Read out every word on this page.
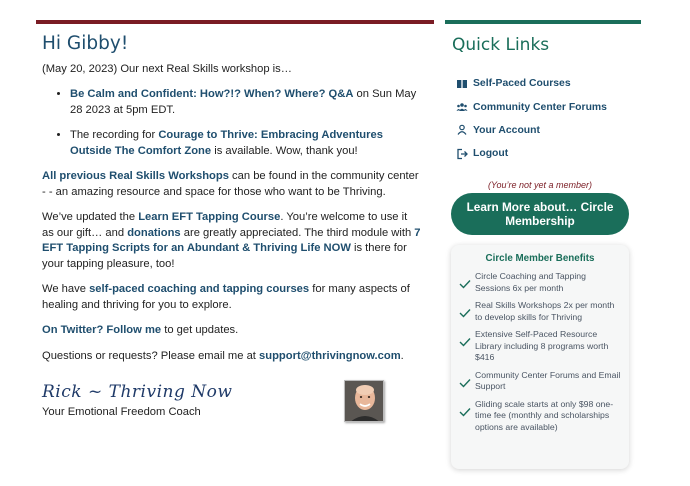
Hi Gibby!

(May 20, 2023) Our next Real Skills workshop is…

• Be Calm and Confident: How?!? When? Where? Q&A on Sun May 28 2023 at 5pm EDT.
• The recording for Courage to Thrive: Embracing Adventures Outside The Comfort Zone is available. Wow, thank you!

All previous Real Skills Workshops can be found in the community center - - an amazing resource and space for those who want to be Thriving.

We’ve updated the Learn EFT Tapping Course. You’re welcome to use it as our gift… and donations are greatly appreciated. The third module with 7 EFT Tapping Scripts for an Abundant & Thriving Life NOW is there for your tapping pleasure, too!

We have self-paced coaching and tapping courses for many aspects of healing and thriving for you to explore.

On Twitter? Follow me to get updates.

Questions or requests? Please email me at support@thrivingnow.com.

Rick ~ Thriving Now
Your Emotional Freedom Coach
Quick Links
Self-Paced Courses
Community Center Forums
Your Account
Logout
(You’re not yet a member)
Learn More about… Circle Membership
Circle Member Benefits
Circle Coaching and Tapping Sessions 6x per month
Real Skills Workshops 2x per month to develop skills for Thriving
Extensive Self-Paced Resource Library including 8 programs worth $416
Community Center Forums and Email Support
Gliding scale starts at only $98 one-time fee (monthly and scholarships options are available)
